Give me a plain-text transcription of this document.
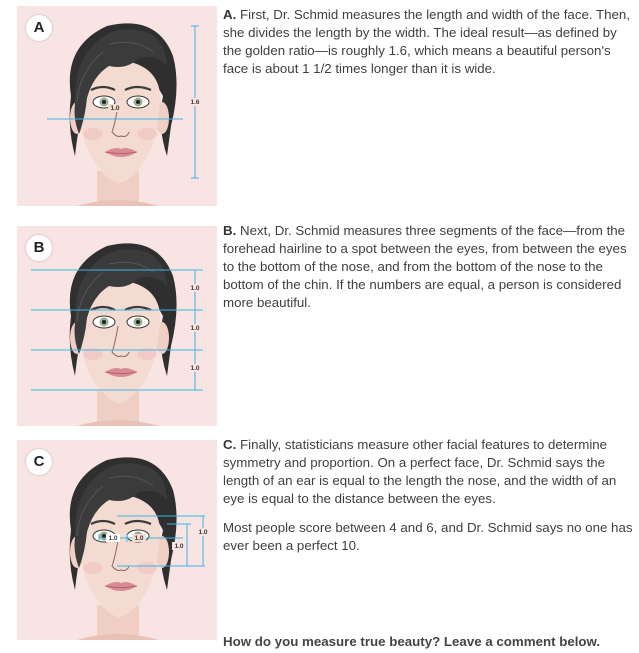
A
1.0
1.6

A. First, Dr. Schmid measures the length and width of the face. Then, she divides the length by the width. The ideal result—as defined by the golden ratio—is roughly 1.6, which means a beautiful person's face is about 1 1/2 times longer than it is wide.

B
1.0
1.0
1.0

B. Next, Dr. Schmid measures three segments of the face—from the forehead hairline to a spot between the eyes, from between the eyes to the bottom of the nose, and from the bottom of the nose to the bottom of the chin. If the numbers are equal, a person is considered more beautiful.

C
1.0	1.0
1.0
1.0

C. Finally, statisticians measure other facial features to determine symmetry and proportion. On a perfect face, Dr. Schmid says the length of an ear is equal to the length the nose, and the width of an eye is equal to the distance between the eyes.

Most people score between 4 and 6, and Dr. Schmid says no one has ever been a perfect 10.

How do you measure true beauty? Leave a comment below.
